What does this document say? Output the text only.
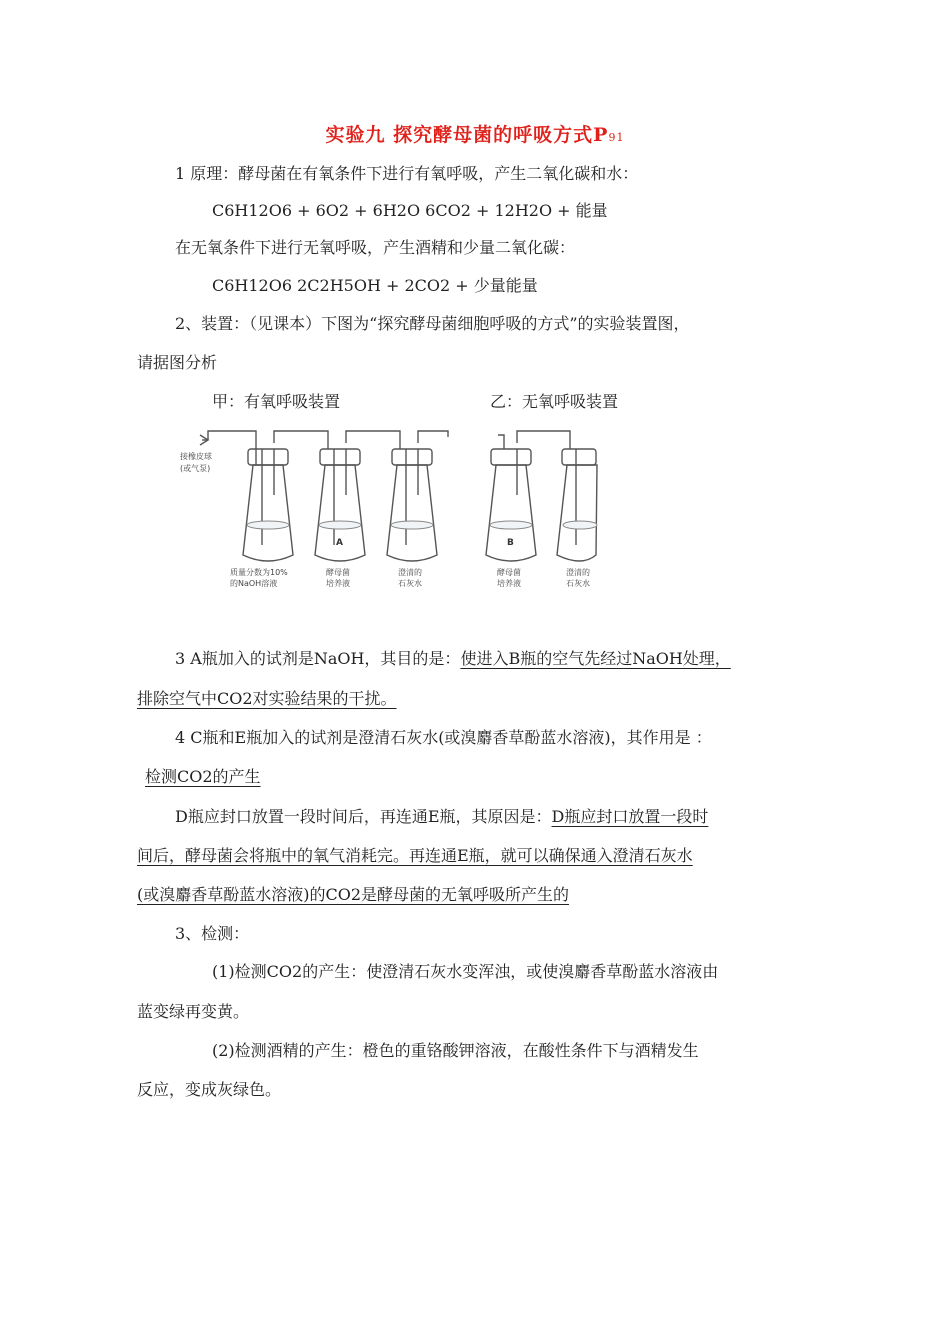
实验九 探究酵母菌的呼吸方式P91
1 原理：酵母菌在有氧条件下进行有氧呼吸，产生二氧化碳和水：
C6H12O6 + 6O2 + 6H2O 6CO2 + 12H2O + 能量
在无氧条件下进行无氧呼吸，产生酒精和少量二氧化碳：
C6H12O6 2C2H5OH + 2CO2 + 少量能量
2、装置：（见课本）下图为“探究酵母菌细胞呼吸的方式”的实验装置图，
请据图分析
甲：有氧呼吸装置	乙：无氧呼吸装置
接橡皮球
(或气泵)
A	B
质量分数为10%
的NaOH溶液
酵母菌
培养液
澄清的
石灰水
酵母菌
培养液
澄清的
石灰水
3 A瓶加入的试剂是NaOH，其目的是：使进入B瓶的空气先经过NaOH处理，
排除空气中CO2对实验结果的干扰。
4 C瓶和E瓶加入的试剂是澄清石灰水(或溴麝香草酚蓝水溶液)，其作用是 ：
检测CO2的产生
D瓶应封口放置一段时间后，再连通E瓶，其原因是：D瓶应封口放置一段时
间后，酵母菌会将瓶中的氧气消耗完。再连通E瓶，就可以确保通入澄清石灰水
(或溴麝香草酚蓝水溶液)的CO2是酵母菌的无氧呼吸所产生的
3、检测：
(1)检测CO2的产生：使澄清石灰水变浑浊，或使溴麝香草酚蓝水溶液由
蓝变绿再变黄。
(2)检测酒精的产生：橙色的重铬酸钾溶液，在酸性条件下与酒精发生
反应，变成灰绿色。
